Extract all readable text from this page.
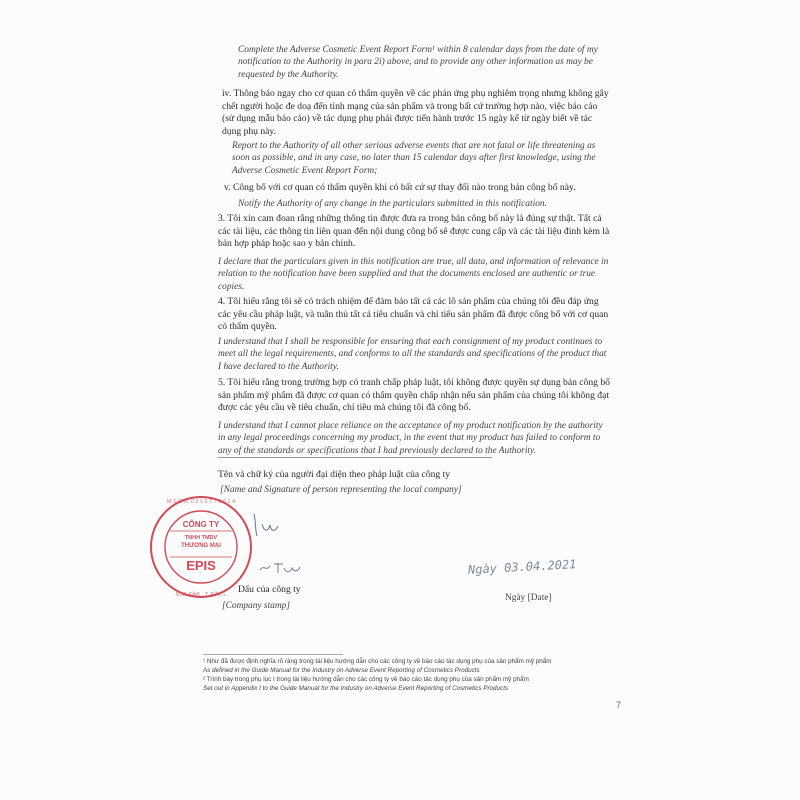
Complete the Adverse Cosmetic Event Report Form¹ within 8 calendar days from the date of my notification to the Authority in para 2i) above, and to provide any other information as may be requested by the Authority.

iv. Thông báo ngay cho cơ quan có thẩm quyền về các phản ứng phụ nghiêm trọng nhưng không gây chết người hoặc đe doạ đến tính mạng của sản phẩm và trong bất cứ trường hợp nào, việc báo cáo (sử dụng mẫu báo cáo) về tác dụng phụ phải được tiến hành trước 15 ngày kể từ ngày biết về tác dụng phụ này.

Report to the Authority of all other serious adverse events that are not fatal or life threatening as soon as possible, and in any case, no later than 15 calendar days after first knowledge, using the Adverse Cosmetic Event Report Form;

v. Công bố với cơ quan có thẩm quyền khi có bất cứ sự thay đổi nào trong bản công bố này.

Notify the Authority of any change in the particulars submitted in this notification.

3. Tôi xin cam đoan rằng những thông tin được đưa ra trong bản công bố này là đúng sự thật. Tất cả các tài liệu, các thông tin liên quan đến nội dung công bố sẽ được cung cấp và các tài liệu đính kèm là bản hợp pháp hoặc sao y bản chính.

I declare that the particulars given in this notification are true, all data, and information of relevance in relation to the notification have been supplied and that the documents enclosed are authentic or true copies.

4. Tôi hiểu rằng tôi sẽ có trách nhiệm để đảm bảo tất cả các lô sản phẩm của chúng tôi đều đáp ứng các yêu cầu pháp luật, và tuân thủ tất cả tiêu chuẩn và chỉ tiêu sản phẩm đã được công bố với cơ quan có thẩm quyền.

I understand that I shall be responsible for ensuring that each consignment of my product continues to meet all the legal requirements, and conforms to all the standards and specifications of the product that I have declared to the Authority.

5. Tôi hiểu rằng trong trường hợp có tranh chấp pháp luật, tôi không được quyền sự dụng bản công bố sản phẩm mỹ phẩm đã được cơ quan có thẩm quyền chấp nhận nếu sản phẩm của chúng tôi không đạt được các yêu cầu về tiêu chuẩn, chỉ tiêu mà chúng tôi đã công bố.

I understand that I cannot place reliance on the acceptance of my product notification by the authority in any legal proceedings concerning my product, in the event that my product has failed to conform to any of the standards or specifications that I had previously declared to the Authority.

Tên và chữ ký của người đại diện theo pháp luật của công ty

[Name and Signature of person representing the local company]

M.S.D.N: 0 3 1 6 7 7 3 6 1 4
. N.M. ĐĂK . T. ĐĂK L .
CÔNG TY
TNHH TMDV
THƯƠNG MẠI
EPIS

Dấu của công ty

[Company stamp]

Ngày 03.04.2021

Ngày [Date]

¹ Như đã được định nghĩa rõ ràng trong tài liệu hướng dẫn cho các công ty về báo cáo tác dụng phụ của sản phẩm mỹ phẩm

As defined in the Guide Manual for the Industry on Adverse Event Reporting of Cosmetics Products

² Trình bày trong phụ lục I trong tài liệu hướng dẫn cho các công ty về báo cáo tác dụng phụ của sản phẩm mỹ phẩm

Set out in Appendix I to the Guide Manual for the Industry on Adverse Event Reporting of Cosmetics Products

7
